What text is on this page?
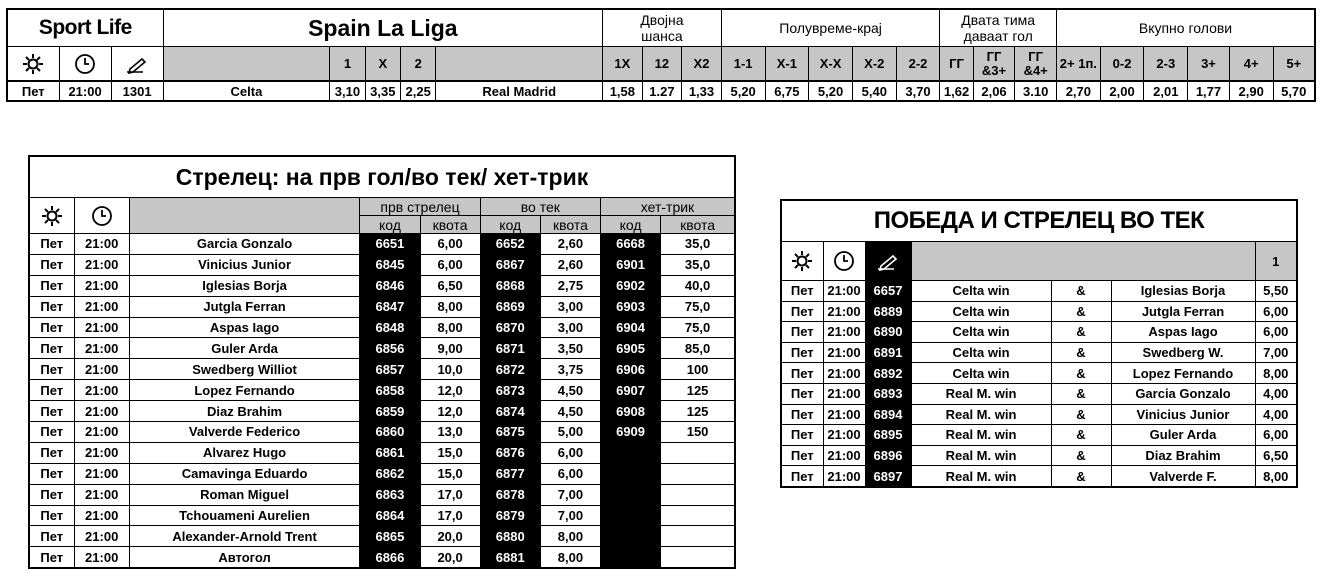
Sport Life			Spain La Liga					Двојна
шанса			Полувреме-крај					Двата тима
даваат гол			Вкупно голови					

		1	X	2		1X	12	X2	1-1	X-1	X-X	X-2	2-2	ГГ	ГГ &3+	ГГ &4+	2+ 1п.	0-2	2-3	3+	4+	5+
Пет	21:00	1301	Celta	3,10	3,35	2,25	Real Madrid	1,58	1.27	1,33	5,20	6,75	5,20	5,40	3,70	1,62	2,06	3.10	2,70	2,00	2,01	1,77	2,90	5,70
Стрелец: на прв гол/во тек/ хет-трик								

		прв стрелец		во тек		хет-трик	
			код	квота	код	квота	код	квота
Пет	21:00	Garcia Gonzalo	6651	6,00	6652	2,60	6668	35,0
Пет	21:00	Vinicius Junior	6845	6,00	6867	2,60	6901	35,0
Пет	21:00	Iglesias Borja	6846	6,50	6868	2,75	6902	40,0
Пет	21:00	Jutgla Ferran	6847	8,00	6869	3,00	6903	75,0
Пет	21:00	Aspas Iago	6848	8,00	6870	3,00	6904	75,0
Пет	21:00	Guler Arda	6856	9,00	6871	3,50	6905	85,0
Пет	21:00	Swedberg Williot	6857	10,0	6872	3,75	6906	100
Пет	21:00	Lopez Fernando	6858	12,0	6873	4,50	6907	125
Пет	21:00	Diaz Brahim	6859	12,0	6874	4,50	6908	125
Пет	21:00	Valverde Federico	6860	13,0	6875	5,00	6909	150
Пет	21:00	Alvarez Hugo	6861	15,0	6876	6,00		
Пет	21:00	Camavinga Eduardo	6862	15,0	6877	6,00		
Пет	21:00	Roman Miguel	6863	17,0	6878	7,00		
Пет	21:00	Tchouameni Aurelien	6864	17,0	6879	7,00		
Пет	21:00	Alexander-Arnold Trent	6865	20,0	6880	8,00		
Пет	21:00	Автогол	6866	20,0	6881	8,00		
ПОБЕДА И СТРЕЛЕЦ ВО ТЕК						

		1
Пет	21:00	6657	Celta win	&	Iglesias Borja	5,50
Пет	21:00	6889	Celta win	&	Jutgla Ferran	6,00
Пет	21:00	6890	Celta win	&	Aspas Iago	6,00
Пет	21:00	6891	Celta win	&	Swedberg W.	7,00
Пет	21:00	6892	Celta win	&	Lopez Fernando	8,00
Пет	21:00	6893	Real M. win	&	Garcia Gonzalo	4,00
Пет	21:00	6894	Real M. win	&	Vinicius Junior	4,00
Пет	21:00	6895	Real M. win	&	Guler Arda	6,00
Пет	21:00	6896	Real M. win	&	Diaz Brahim	6,50
Пет	21:00	6897	Real M. win	&	Valverde F.	8,00
